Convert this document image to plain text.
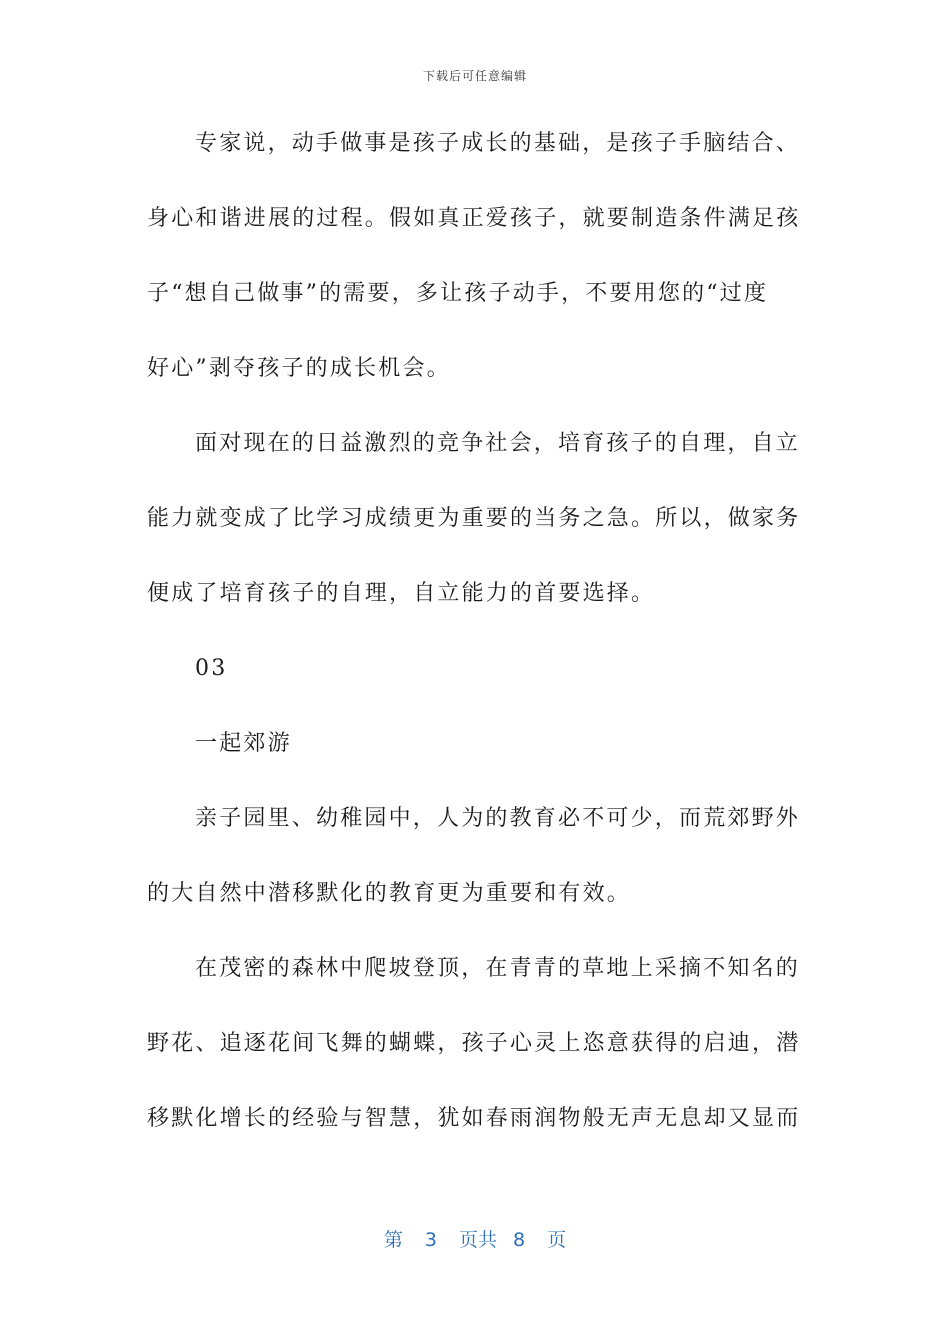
下载后可任意编辑
专家说，动手做事是孩子成长的基础，是孩子手脑结合、
身心和谐进展的过程。假如真正爱孩子，就要制造条件满足孩
子“想自己做事”的需要，多让孩子动手，不要用您的“过度
好心”剥夺孩子的成长机会。
面对现在的日益激烈的竞争社会，培育孩子的自理，自立
能力就变成了比学习成绩更为重要的当务之急。所以，做家务
便成了培育孩子的自理，自立能力的首要选择。
03
一起郊游
亲子园里、幼稚园中，人为的教育必不可少，而荒郊野外
的大自然中潜移默化的教育更为重要和有效。
在茂密的森林中爬坡登顶，在青青的草地上采摘不知名的
野花、追逐花间飞舞的蝴蝶，孩子心灵上恣意获得的启迪，潜
移默化增长的经验与智慧，犹如春雨润物般无声无息却又显而
第 3 页共 8 页
